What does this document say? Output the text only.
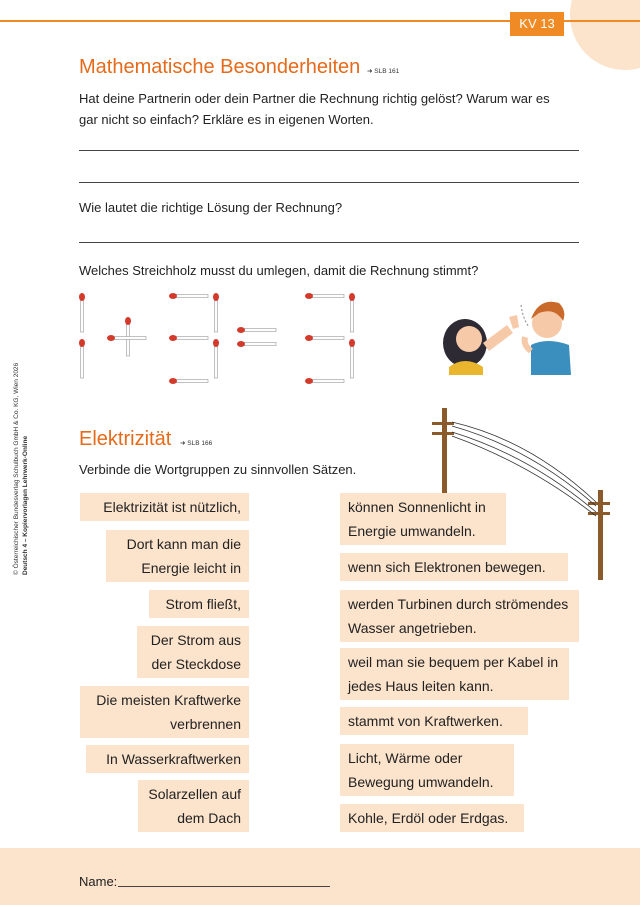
KV 13
© Österreichischer Bundesverlag Schulbuch GmbH & Co. KG, Wien 2026 Deutsch 4 – Kopiervorlagen Lehrwerk-Online
Mathematische Besonderheiten ➜ SLB 161
Hat deine Partnerin oder dein Partner die Rechnung richtig gelöst? Warum war es gar nicht so einfach? Erkläre es in eigenen Worten.
Wie lautet die richtige Lösung der Rechnung?
Welches Streichholz musst du umlegen, damit die Rechnung stimmt?
Elektrizität ➜ SLB 166
Verbinde die Wortgruppen zu sinnvollen Sätzen.
Elektrizität ist nützlich,
Dort kann man die Energie leicht in
Strom fließt,
Der Strom aus der Steckdose
Die meisten Kraftwerke verbrennen
In Wasserkraftwerken
Solarzellen auf dem Dach
können Sonnenlicht in Energie umwandeln.
wenn sich Elektronen bewegen.
werden Turbinen durch strömendes Wasser angetrieben.
weil man sie bequem per Kabel in jedes Haus leiten kann.
stammt von Kraftwerken.
Licht, Wärme oder Bewegung umwandeln.
Kohle, Erdöl oder Erdgas.
Name:
